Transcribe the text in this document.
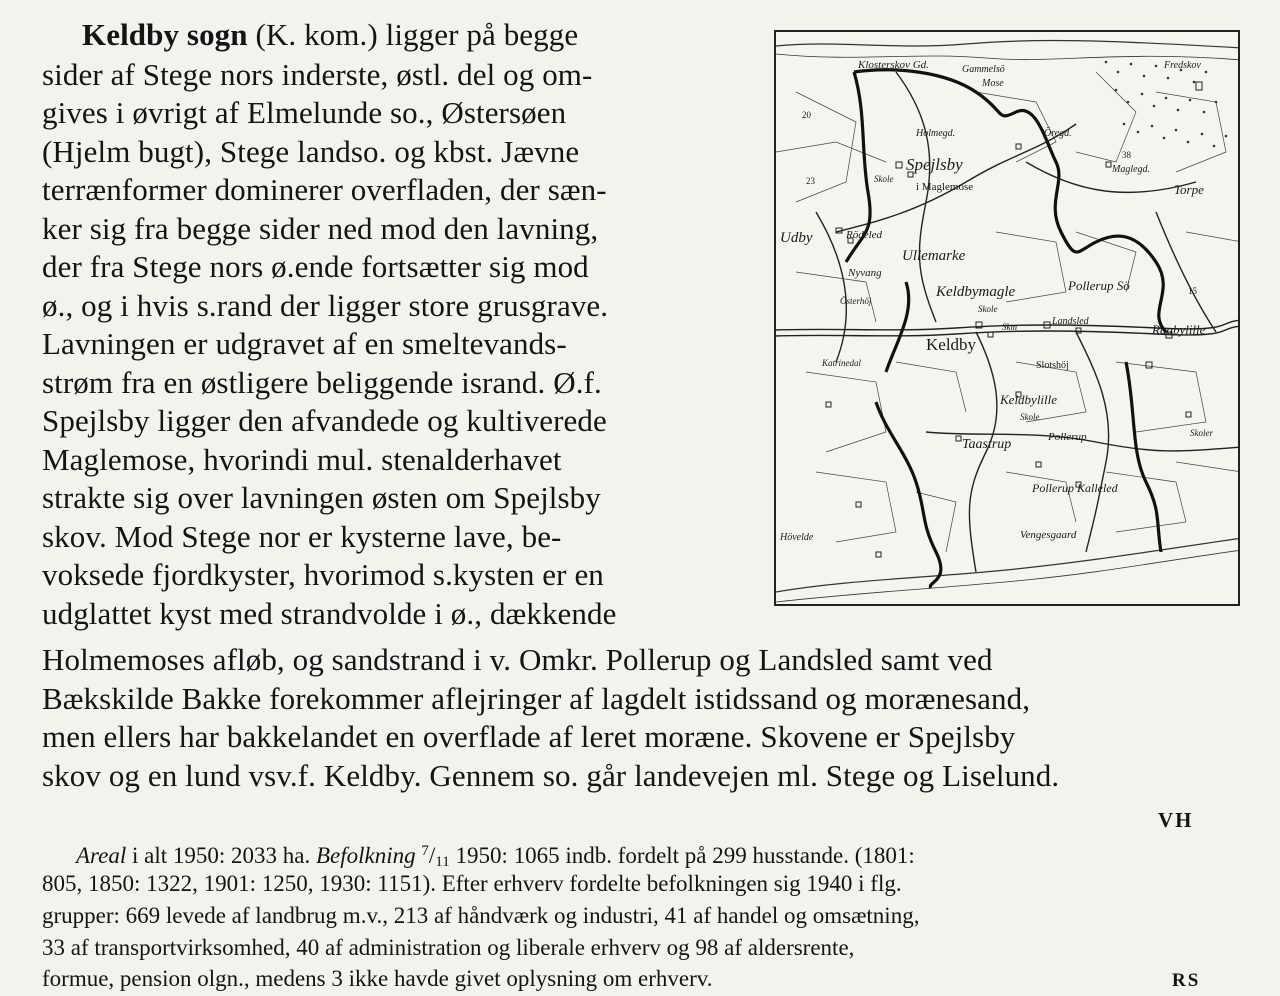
Keldby sogn (K. kom.) ligger på begge
sider af Stege nors inderste, østl. del og om-
gives i øvrigt af Elmelunde so., Østersøen
(Hjelm bugt), Stege landso. og kbst. Jævne
terrænformer dominerer overfladen, der sæn-
ker sig fra begge sider ned mod den lavning,
der fra Stege nors ø.ende fortsætter sig mod
ø., og i hvis s.rand der ligger store grusgrave.
Lavningen er udgravet af en smeltevands-
strøm fra en østligere beliggende isrand. Ø.f.
Spejlsby ligger den afvandede og kultiverede
Maglemose, hvorindi mul. stenalderhavet
strakte sig over lavningen østen om Spejlsby
skov. Mod Stege nor er kysterne lave, be-
voksede fjordkyster, hvorimod s.kysten er en
udglattet kyst med strandvolde i ø., dækkende
Holmemoses afløb, og sandstrand i v. Omkr. Pollerup og Landsled samt ved
Bækskilde Bakke forekommer aflejringer af lagdelt istidssand og morænesand,
men ellers har bakkelandet en overflade af leret moræne. Skovene er Spejlsby
skov og en lund vsv.f. Keldby. Gennem so. går landevejen ml. Stege og Liselund.
VH
Areal i alt 1950: 2033 ha. Befolkning $^7/_{11}$ 1950: 1065 indb. fordelt på 299 husstande. (1801:
805, 1850: 1322, 1901: 1250, 1930: 1151). Efter erhverv fordelte befolkningen sig 1940 i flg.
grupper: 669 levede af landbrug m.v., 213 af håndværk og industri, 41 af handel og omsætning,
33 af transportvirksomhed, 40 af administration og liberale erhverv og 98 af aldersrente,
formue, pension olgn., medens 3 ikke havde givet oplysning om erhverv.	RS
Klosterskov Gd.	Gammelsö
Mose
Fredskov
Holmegd.
Spejlsby
i Maglemose
Skole
Öregd.
Maglegd.
Torpe
Udby	Rödeled
Ullemarke
Nyvang
Österhöj
Keldbymagle
Skole
Pollerup Sö
Landsled
Raabylille
Keldby
Skm
Slotshöj
Katrinedal
Keldbylille
Skole
Pollerup
Taastrup
Skoler
Pollerup Kalleled
Vengesgaard
Hövelde
20
23
38
15
